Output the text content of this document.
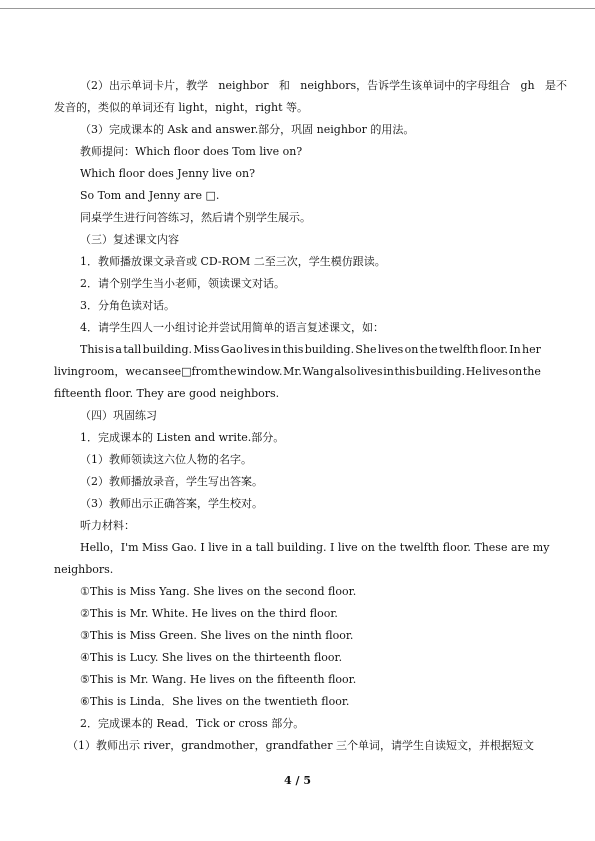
（2）出示单词卡片，教学 neighbor 和 neighbors，告诉学生该单词中的字母组合 gh 是不
发音的，类似的单词还有 light，night，right 等。
（3）完成课本的 Ask and answer.部分，巩固 neighbor 的用法。
教师提问：Which floor does Tom live on?
Which floor does Jenny live on?
So Tom and Jenny are □.
同桌学生进行问答练习，然后请个别学生展示。
（三）复述课文内容
1．教师播放课文录音或 CD-ROM 二至三次，学生模仿跟读。
2．请个别学生当小老师，领读课文对话。
3．分角色读对话。
4．请学生四人一小组讨论并尝试用简单的语言复述课文，如：
This is a tall building. Miss Gao lives in this building. She lives on the twelfth floor. In her
living room，we can see□from the window. Mr. Wang also lives in this building. He lives on the
fifteenth floor. They are good neighbors.
（四）巩固练习
1．完成课本的 Listen and write.部分。
（1）教师领读这六位人物的名字。
（2）教师播放录音，学生写出答案。
（3）教师出示正确答案，学生校对。
听力材料：
Hello，I'm Miss Gao. I live in a tall building. I live on the twelfth floor. These are my
neighbors.
①This is Miss Yang. She lives on the second floor.
②This is Mr. White. He lives on the third floor.
③This is Miss Green. She lives on the ninth floor.
④This is Lucy. She lives on the thirteenth floor.
⑤This is Mr. Wang. He lives on the fifteenth floor.
⑥This is Linda．She lives on the twentieth floor.
2．完成课本的 Read．Tick or cross 部分。
（1）教师出示 river，grandmother，grandfather 三个单词，请学生自读短文，并根据短文
4 / 5
